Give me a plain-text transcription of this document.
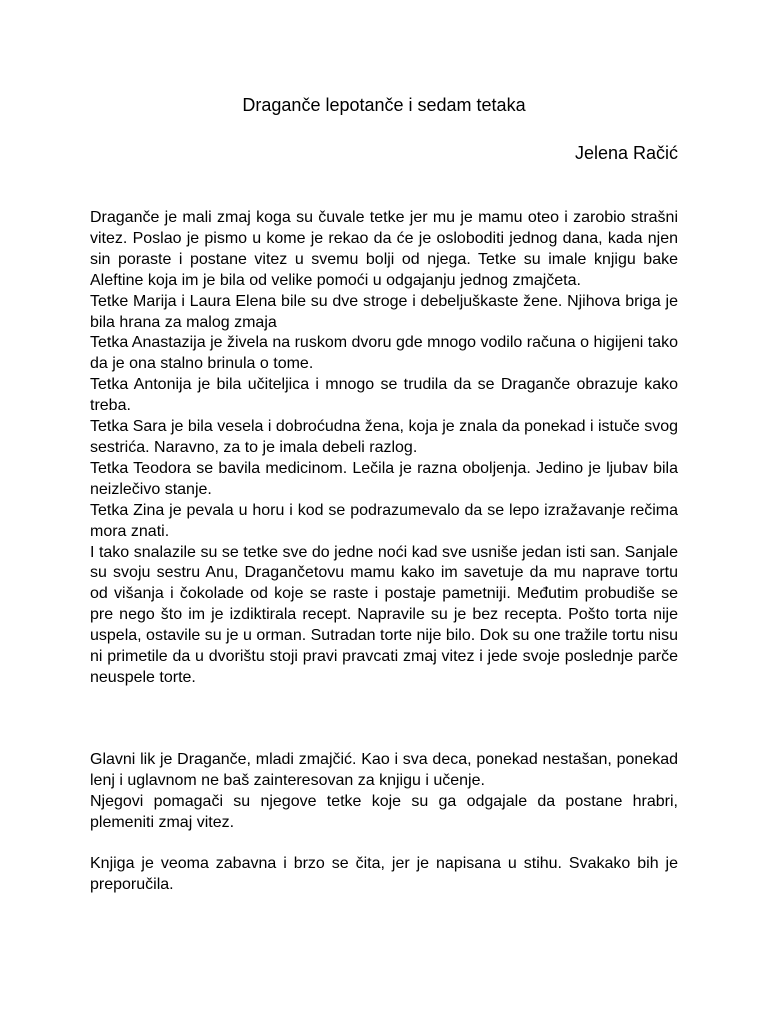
Draganče lepotanče i sedam tetaka
Jelena Račić

Draganče je mali zmaj koga su čuvale tetke jer mu je mamu oteo i zarobio strašni vitez. Poslao je pismo u kome je rekao da će je osloboditi jednog dana, kada njen sin poraste i postane vitez u svemu bolji od njega. Tetke su imale knjigu bake Aleftine koja im je bila od velike pomoći u odgajanju jednog zmajčeta.

Tetke Marija i Laura Elena bile su dve stroge i debeljuškaste žene. Njihova briga je bila hrana za malog zmaja

Tetka Anastazija je živela na ruskom dvoru gde mnogo vodilo računa o higijeni tako da je ona stalno brinula o tome.

Tetka Antonija je bila učiteljica i mnogo se trudila da se Draganče obrazuje kako treba.

Tetka Sara je bila vesela i dobroćudna žena, koja je znala da ponekad i istuče svog sestrića. Naravno, za to je imala debeli razlog.

Tetka Teodora se bavila medicinom. Lečila je razna oboljenja. Jedino je ljubav bila neizlečivo stanje.

Tetka Zina je pevala u horu i kod se podrazumevalo da se lepo izražavanje rečima mora znati.

I tako snalazile su se tetke sve do jedne noći kad sve usniše jedan isti san. Sanjale su svoju sestru Anu, Dragančetovu mamu kako im savetuje da mu naprave tortu od višanja i čokolade od koje se raste i postaje pametniji. Međutim probudiše se pre nego što im je izdiktirala recept. Napravile su je bez recepta. Pošto torta nije uspela, ostavile su je u orman. Sutradan torte nije bilo. Dok su one tražile tortu nisu ni primetile da u dvorištu stoji pravi pravcati zmaj vitez i jede svoje poslednje parče neuspele torte.

Glavni lik je Draganče, mladi zmajčić. Kao i sva deca, ponekad nestašan, ponekad lenj i uglavnom ne baš zainteresovan za knjigu i učenje.

Njegovi pomagači su njegove tetke koje su ga odgajale da postane hrabri, plemeniti zmaj vitez.

Knjiga je veoma zabavna i brzo se čita, jer je napisana u stihu. Svakako bih je preporučila.
